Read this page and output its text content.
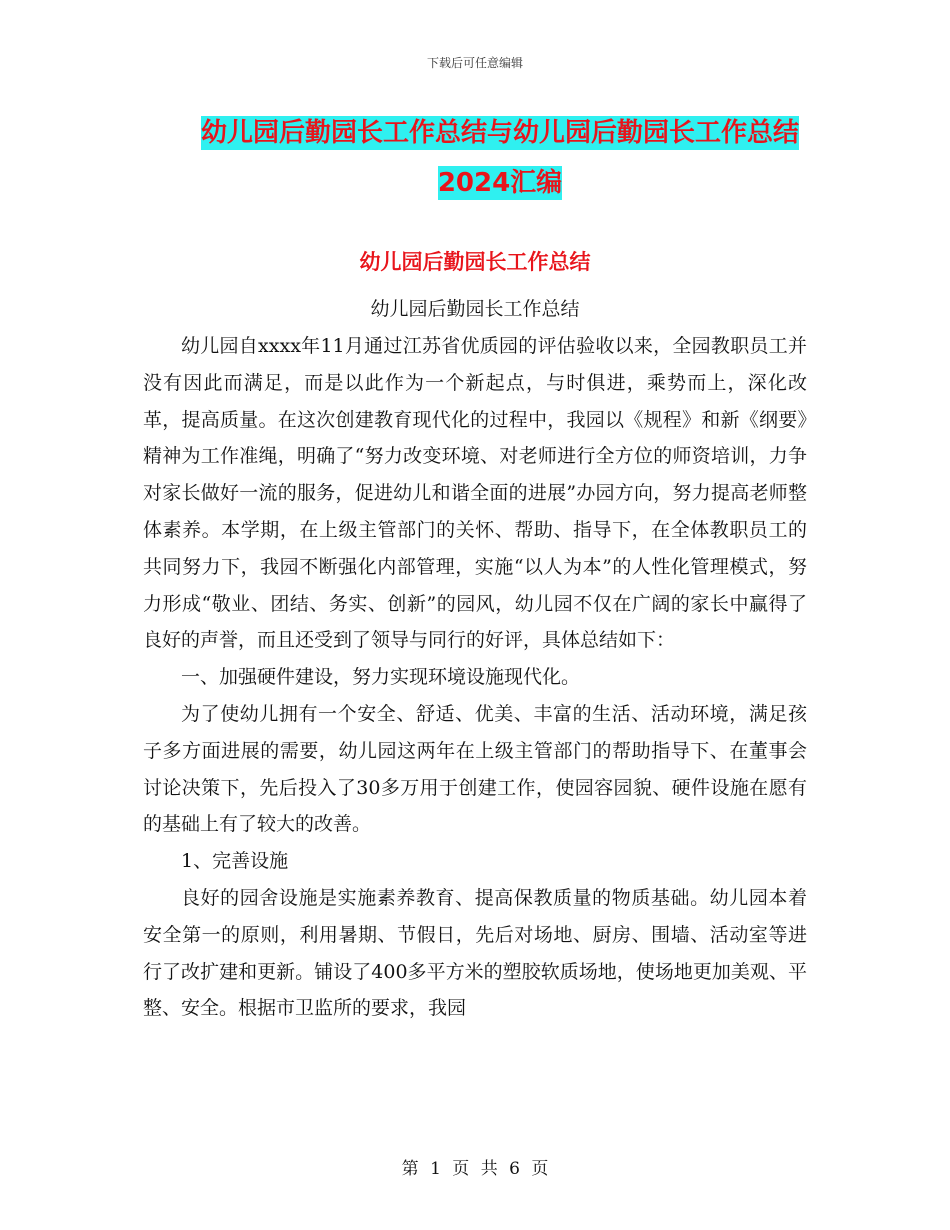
下载后可任意编辑
幼儿园后勤园长工作总结与幼儿园后勤园长工作总结
2024汇编
幼儿园后勤园长工作总结
幼儿园后勤园长工作总结

幼儿园自xxxx年11月通过江苏省优质园的评估验收以来，全园教职员工并没有因此而满足，而是以此作为一个新起点，与时俱进，乘势而上，深化改革，提高质量。在这次创建教育现代化的过程中，我园以《规程》和新《纲要》精神为工作准绳，明确了“努力改变环境、对老师进行全方位的师资培训，力争对家长做好一流的服务，促进幼儿和谐全面的进展”办园方向，努力提高老师整体素养。本学期，在上级主管部门的关怀、帮助、指导下，在全体教职员工的共同努力下，我园不断强化内部管理，实施“以人为本”的人性化管理模式，努力形成“敬业、团结、务实、创新”的园风，幼儿园不仅在广阔的家长中赢得了良好的声誉，而且还受到了领导与同行的好评，具体总结如下：

一、加强硬件建设，努力实现环境设施现代化。

为了使幼儿拥有一个安全、舒适、优美、丰富的生活、活动环境，满足孩子多方面进展的需要，幼儿园这两年在上级主管部门的帮助指导下、在董事会讨论决策下，先后投入了30多万用于创建工作，使园容园貌、硬件设施在愿有的基础上有了较大的改善。

1、完善设施

良好的园舍设施是实施素养教育、提高保教质量的物质基础。幼儿园本着安全第一的原则，利用暑期、节假日，先后对场地、厨房、围墙、活动室等进行了改扩建和更新。铺设了400多平方米的塑胶软质场地，使场地更加美观、平整、安全。根据市卫监所的要求，我园

第 1 页 共 6 页
